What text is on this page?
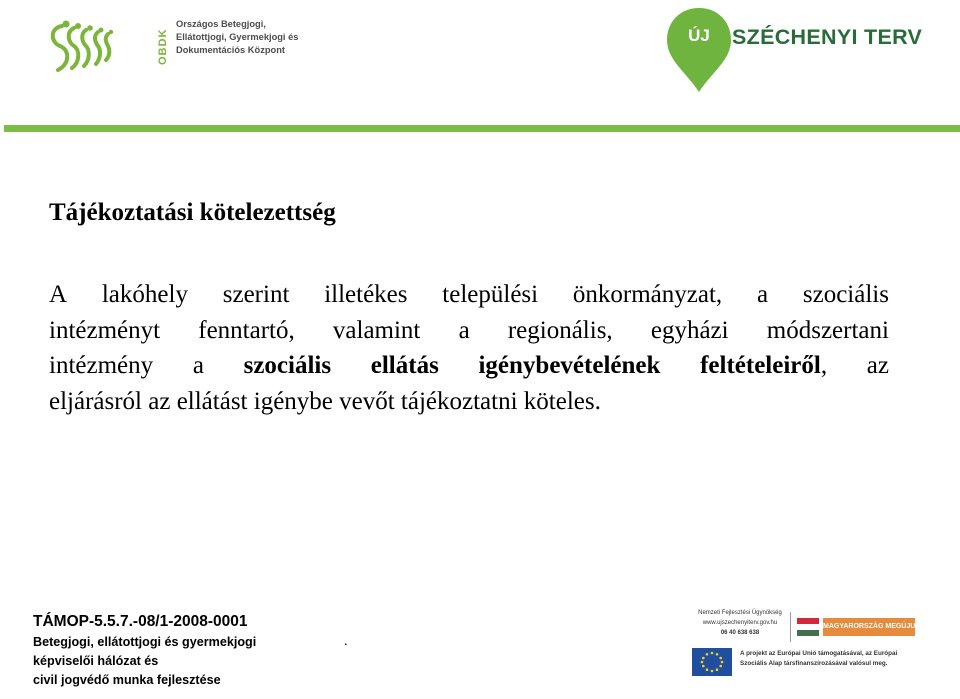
OBDK
Országos Betegjogi,
Ellátottjogi, Gyermekjogi és
Dokumentációs Központ
ÚJ	SZÉCHENYI TERV
Tájékoztatási kötelezettség
A lakóhely szerint illetékes települési önkormányzat, a szociális
intézményt fenntartó, valamint a regionális, egyházi módszertani
intézmény a szociális ellátás igénybevételének feltételeiről, az
eljárásról az ellátást igénybe vevőt tájékoztatni köteles.
TÁMOP-5.5.7.-08/1-2008-0001
Betegjogi, ellátottjogi és gyermekjogi
képviselői hálózat és
civil jogvédő munka fejlesztése
.
Nemzeti Fejlesztési Ügynökség
www.ujszechenyiterv.gov.hu
06 40 638 638
MAGYARORSZÁG MEGÚJUL
A projekt az Európai Unió támogatásával, az Európai
Szociális Alap társfinanszírozásával valósul meg.
